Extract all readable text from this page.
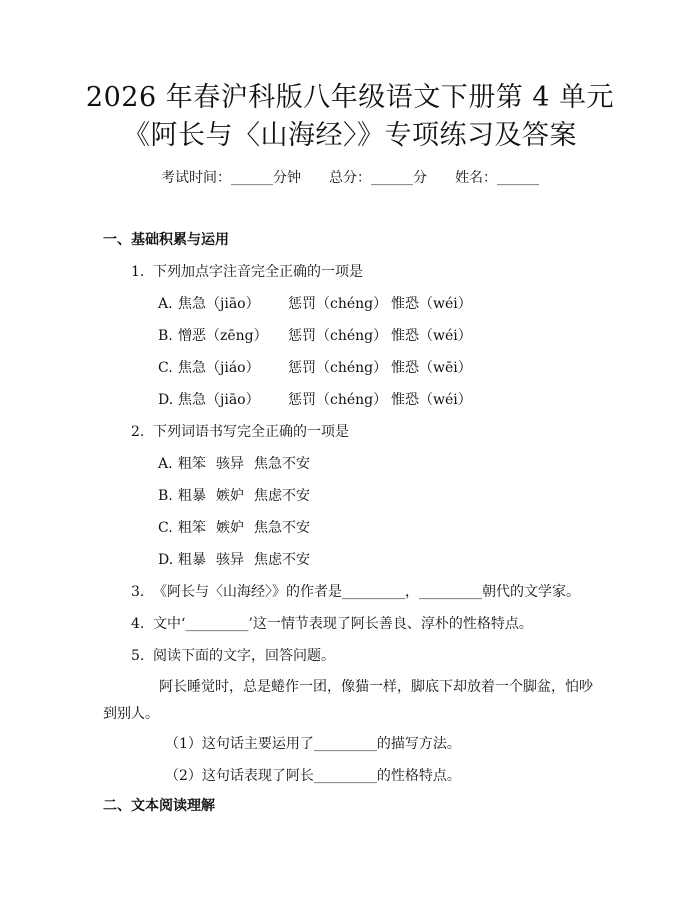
2026 年春沪科版八年级语文下册第 4 单元
《阿长与〈山海经〉》专项练习及答案
考试时间：______分钟 总分：______分 姓名：______
一、基础积累与运用
1. 下列加点字注音完全正确的一项是
A. 焦急（jiāo） 惩罚（chéng） 惟恐（wéi）
B. 憎恶（zēng） 惩罚（chéng） 惟恐（wéi）
C. 焦急（jiáo） 惩罚（chéng） 惟恐（wēi）
D. 焦急（jiāo） 惩罚（chéng） 惟恐（wéi）
2. 下列词语书写完全正确的一项是
A. 粗笨 骇异 焦急不安
B. 粗暴 嫉妒 焦虑不安
C. 粗笨 嫉妒 焦急不安
D. 粗暴 骇异 焦虑不安
3. 《阿长与〈山海经〉》的作者是_________，_________朝代的文学家。
4. 文中‘_________’这一情节表现了阿长善良、淳朴的性格特点。
5. 阅读下面的文字，回答问题。
阿长睡觉时，总是蜷作一团，像猫一样，脚底下却放着一个脚盆，怕吵到别人。
（1）这句话主要运用了_________的描写方法。
（2）这句话表现了阿长_________的性格特点。
二、文本阅读理解
